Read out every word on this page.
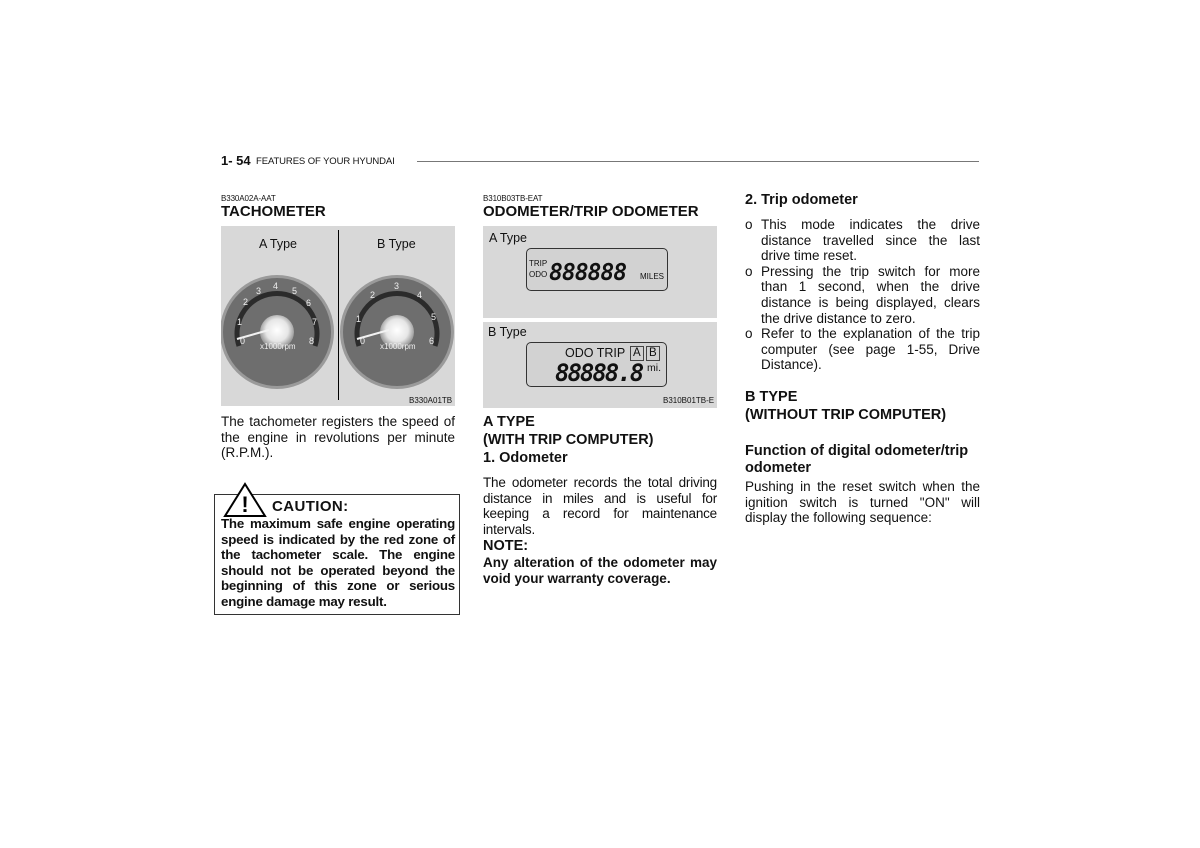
1- 54 FEATURES OF YOUR HYUNDAI
B330A02A-AAT
TACHOMETER
A Type	B Type
0
1
2
3 4 5
6
7
8
x1000rpm
0
1
2
3
4
5
6
x1000rpm
B330A01TB
The tachometer registers the speed of the engine in revolutions per minute (R.P.M.).
! CAUTION:
The maximum safe engine operating speed is indicated by the red zone of the tachometer scale. The engine should not be operated beyond the beginning of this zone or serious engine damage may result.
B310B03TB-EAT
ODOMETER/TRIP ODOMETER
A Type
TRIP
ODO 888888 MILES
B Type
ODO TRIP A B
88888.8 mi.
B310B01TB-E
A TYPE
(WITH TRIP COMPUTER)
1. Odometer
The odometer records the total driving distance in miles and is useful for keeping a record for maintenance intervals.
NOTE:
Any alteration of the odometer may void your warranty coverage.
2. Trip odometer
o This mode indicates the drive distance travelled since the last drive time reset.
o Pressing the trip switch for more than 1 second, when the drive distance is being displayed, clears the drive distance to zero.
o Refer to the explanation of the trip computer (see page 1-55, Drive Distance).
B TYPE
(WITHOUT TRIP COMPUTER)
Function of digital odometer/trip odometer
Pushing in the reset switch when the ignition switch is turned "ON" will display the following sequence:
